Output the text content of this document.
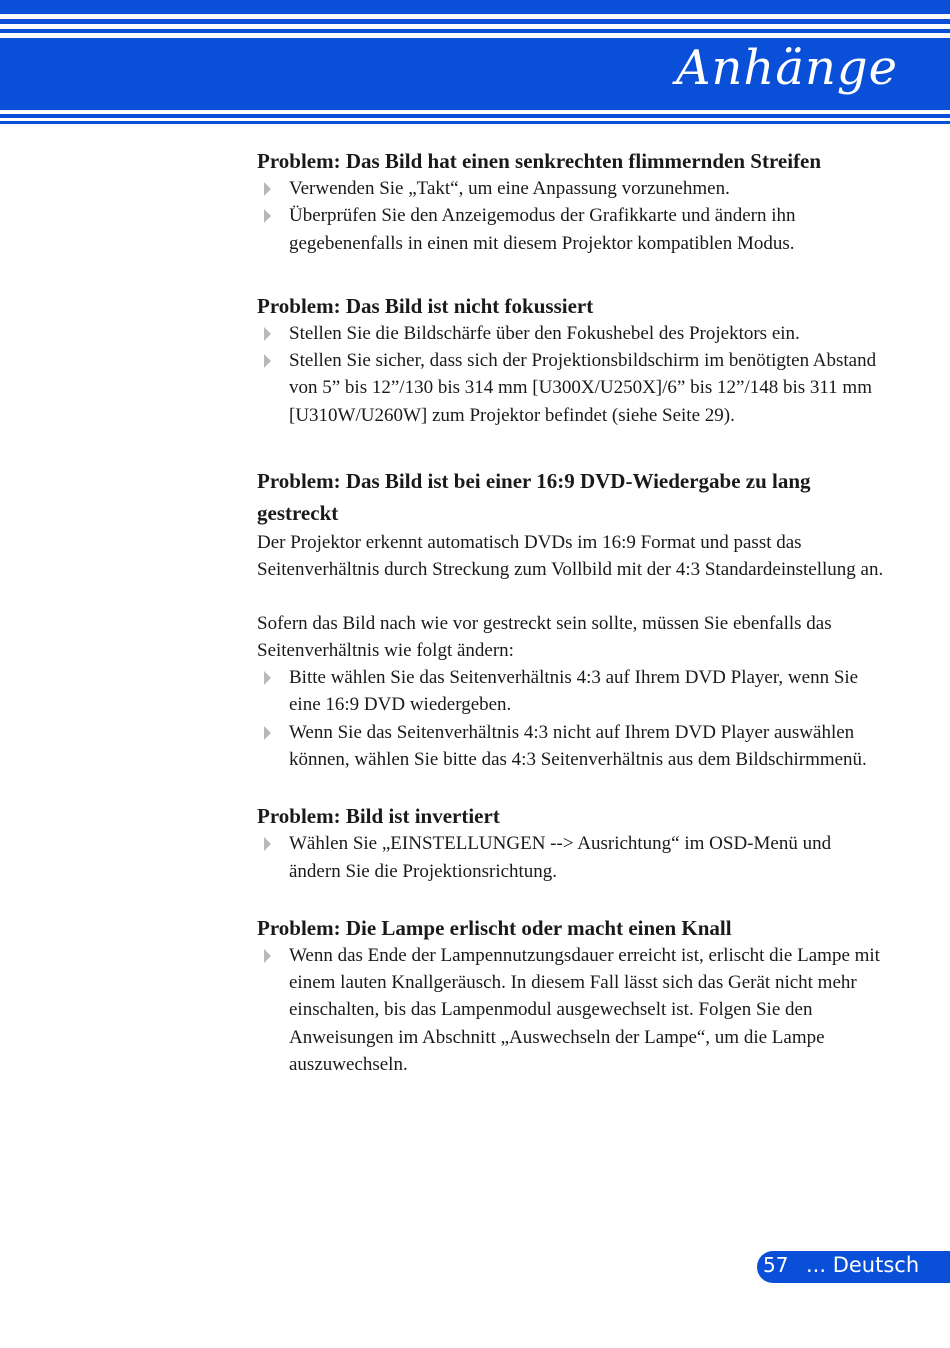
Anhänge
Problem: Das Bild hat einen senkrechten flimmernden Streifen
Verwenden Sie „Takt“, um eine Anpassung vorzunehmen.
Überprüfen Sie den Anzeigemodus der Grafikkarte und ändern ihn gegebenenfalls in einen mit diesem Projektor kompatiblen Modus.
Problem: Das Bild ist nicht fokussiert
Stellen Sie die Bildschärfe über den Fokushebel des Projektors ein.
Stellen Sie sicher, dass sich der Projektionsbildschirm im benötigten Abstand von 5” bis 12”/130 bis 314 mm [U300X/U250X]/6” bis 12”/148 bis 311 mm [U310W/U260W] zum Projektor befindet (siehe Seite 29).
Problem: Das Bild ist bei einer 16:9 DVD-Wiedergabe zu lang gestreckt
Der Projektor erkennt automatisch DVDs im 16:9 Format und passt das Seitenverhältnis durch Streckung zum Vollbild mit der 4:3 Standardeinstellung an.
Sofern das Bild nach wie vor gestreckt sein sollte, müssen Sie ebenfalls das Seitenverhältnis wie folgt ändern:
Bitte wählen Sie das Seitenverhältnis 4:3 auf Ihrem DVD Player, wenn Sie eine 16:9 DVD wiedergeben.
Wenn Sie das Seitenverhältnis 4:3 nicht auf Ihrem DVD Player auswählen können, wählen Sie bitte das 4:3 Seitenverhältnis aus dem Bildschirmmenü.
Problem: Bild ist invertiert
Wählen Sie „EINSTELLUNGEN --> Ausrichtung“ im OSD-Menü und ändern Sie die Projektionsrichtung.
Problem: Die Lampe erlischt oder macht einen Knall
Wenn das Ende der Lampennutzungsdauer erreicht ist, erlischt die Lampe mit einem lauten Knallgeräusch. In diesem Fall lässt sich das Gerät nicht mehr einschalten, bis das Lampenmodul ausgewechselt ist. Folgen Sie den Anweisungen im Abschnitt „Auswechseln der Lampe“, um die Lampe auszuwechseln.
57 ... Deutsch
